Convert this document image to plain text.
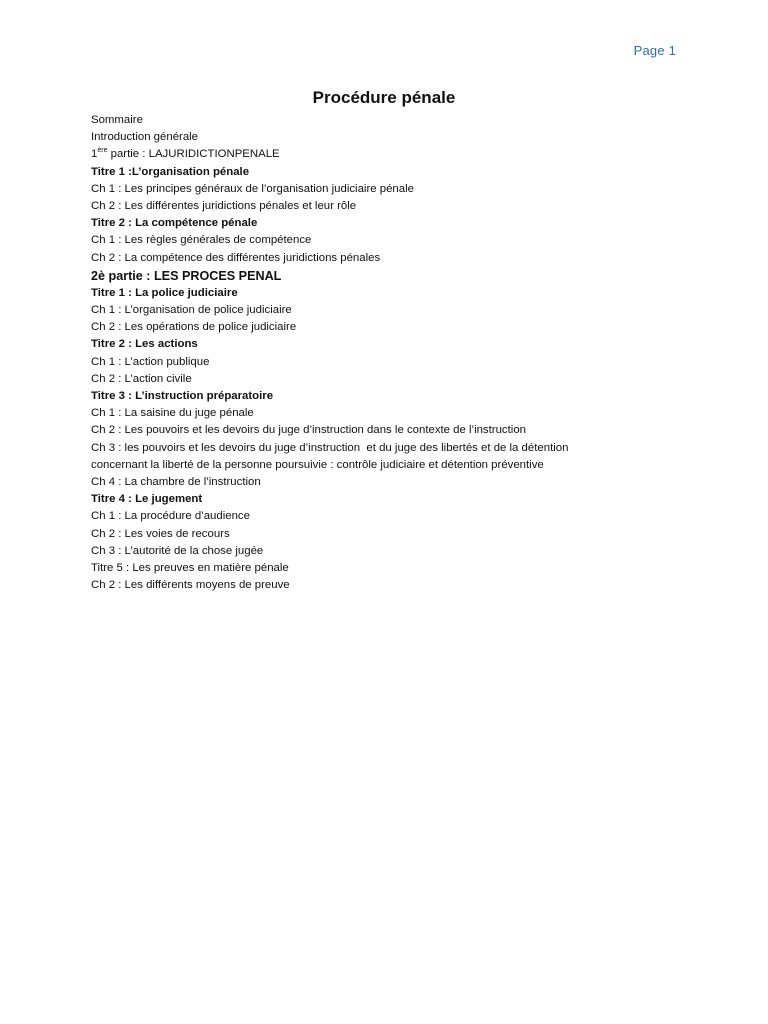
Page 1
Procédure pénale
Sommaire
Introduction générale
1ère partie : LAJURIDICTIONPENALE
Titre 1 :L’organisation pénale
Ch 1 : Les principes généraux de l’organisation judiciaire pénale
Ch 2 : Les différentes juridictions pénales et leur rôle
Titre 2 : La compétence pénale
Ch 1 : Les règles générales de compétence
Ch 2 : La compétence des différentes juridictions pénales
2è partie : LES PROCES PENAL
Titre 1 : La police judiciaire
Ch 1 : L’organisation de police judiciaire
Ch 2 : Les opérations de police judiciaire
Titre 2 : Les actions
Ch 1 : L’action publique
Ch 2 : L’action civile
Titre 3 : L’instruction préparatoire
Ch 1 : La saisine du juge pénale
Ch 2 : Les pouvoirs et les devoirs du juge d’instruction dans le contexte de l’instruction
Ch 3 : les pouvoirs et les devoirs du juge d’instruction  et du juge des libertés et de la détention
concernant la liberté de la personne poursuivie : contrôle judiciaire et détention préventive
Ch 4 : La chambre de l’instruction
Titre 4 : Le jugement
Ch 1 : La procédure d’audience
Ch 2 : Les voies de recours
Ch 3 : L’autorité de la chose jugée
Titre 5 : Les preuves en matière pénale
Ch 2 : Les différents moyens de preuve
